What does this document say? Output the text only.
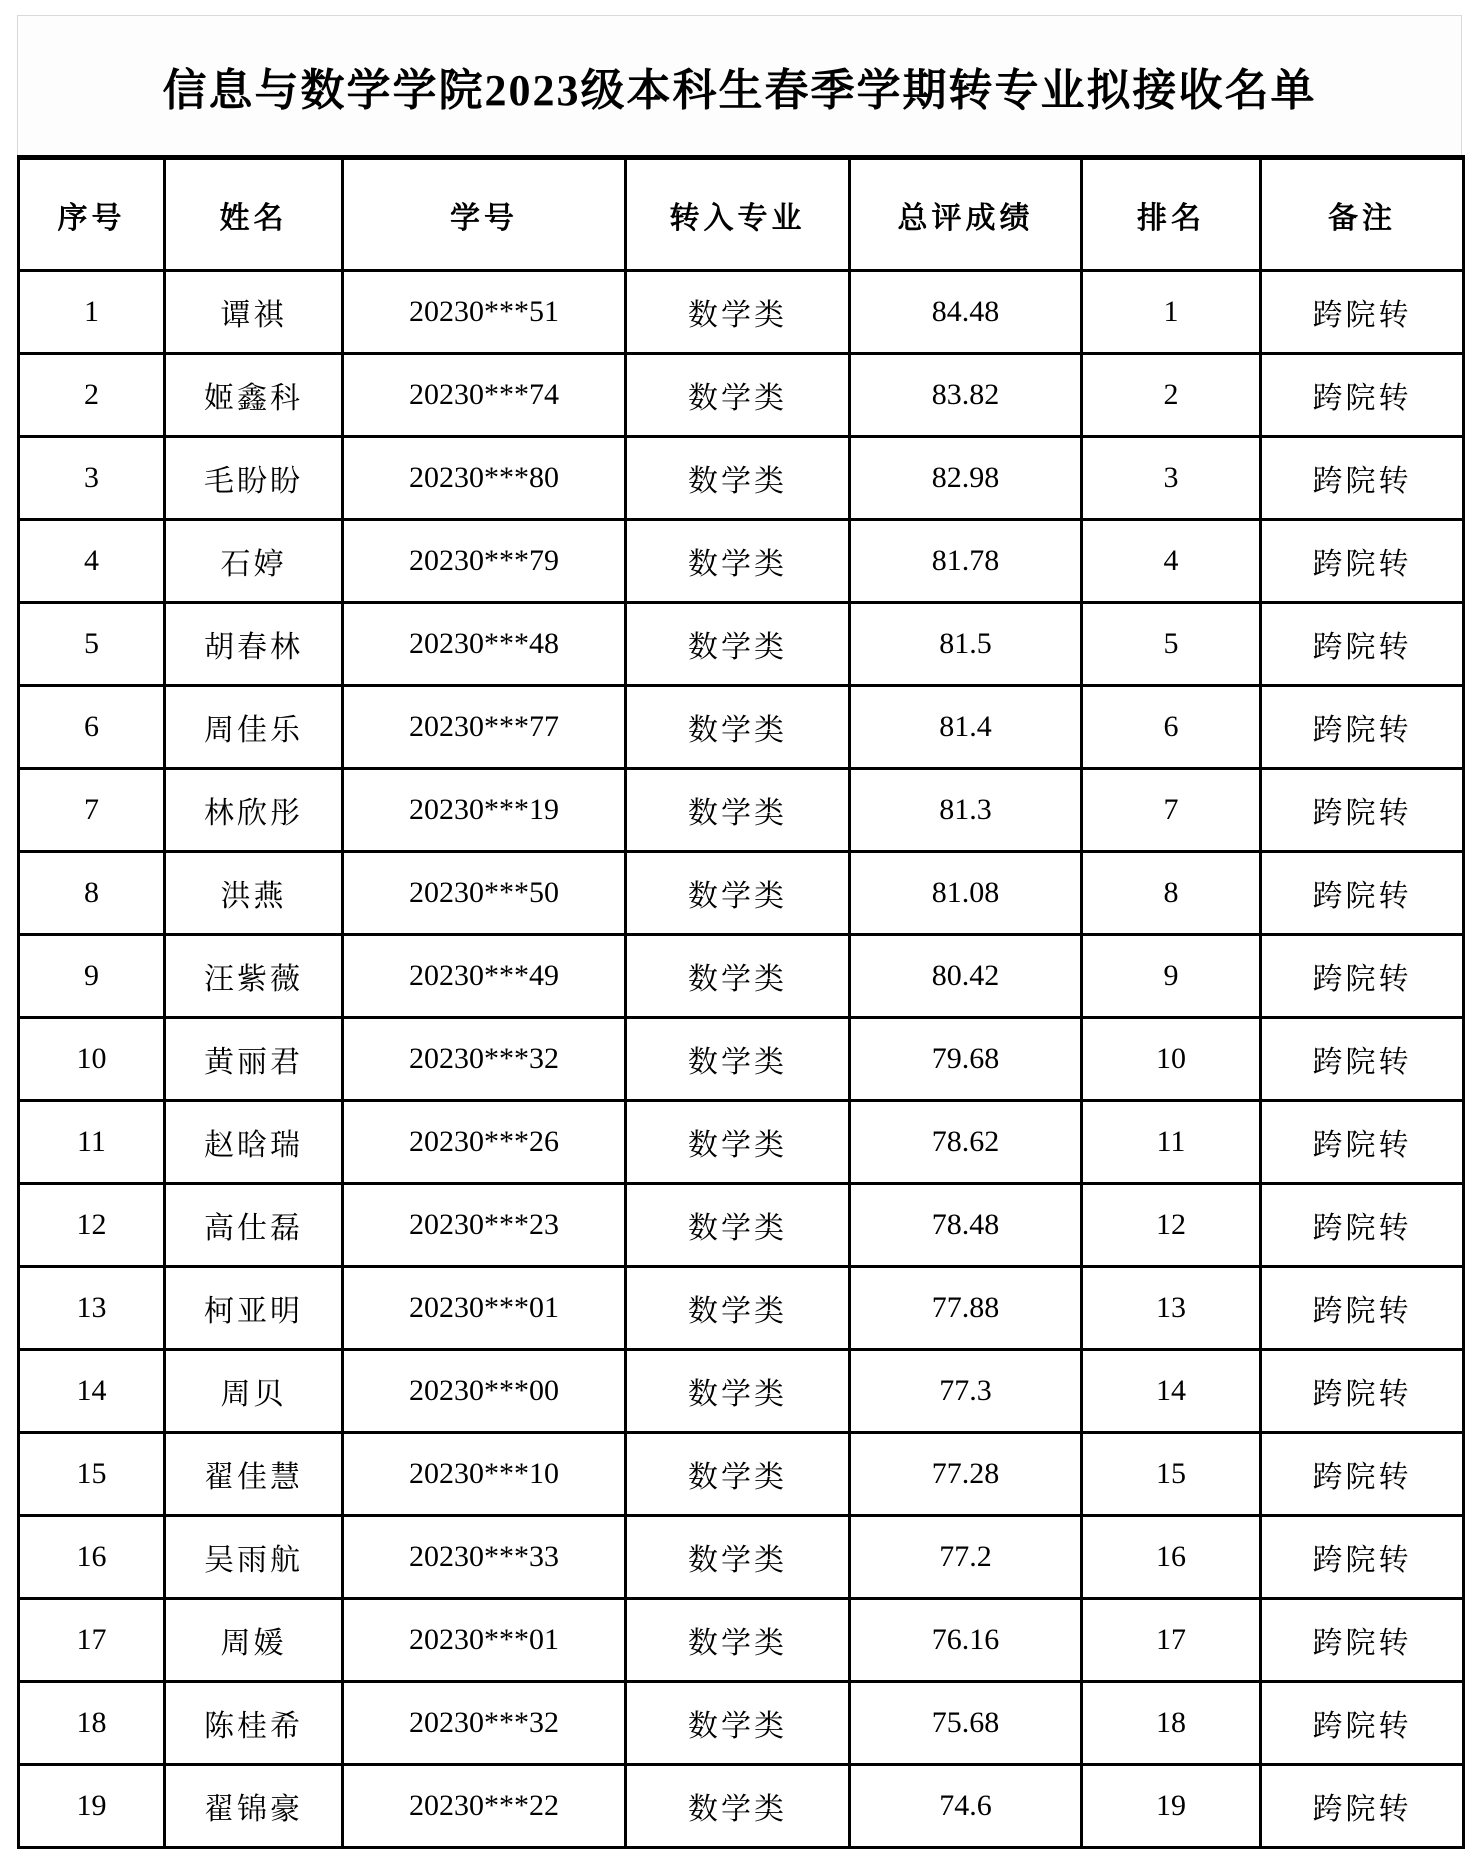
信息与数学学院2023级本科生春季学期转专业拟接收名单
序号	姓名	学号	转入专业	总评成绩	排名	备注
1	谭祺	20230***51	数学类	84.48	1	跨院转
2	姬鑫科	20230***74	数学类	83.82	2	跨院转
3	毛盼盼	20230***80	数学类	82.98	3	跨院转
4	石婷	20230***79	数学类	81.78	4	跨院转
5	胡春林	20230***48	数学类	81.5	5	跨院转
6	周佳乐	20230***77	数学类	81.4	6	跨院转
7	林欣彤	20230***19	数学类	81.3	7	跨院转
8	洪燕	20230***50	数学类	81.08	8	跨院转
9	汪紫薇	20230***49	数学类	80.42	9	跨院转
10	黄丽君	20230***32	数学类	79.68	10	跨院转
11	赵晗瑞	20230***26	数学类	78.62	11	跨院转
12	高仕磊	20230***23	数学类	78.48	12	跨院转
13	柯亚明	20230***01	数学类	77.88	13	跨院转
14	周贝	20230***00	数学类	77.3	14	跨院转
15	翟佳慧	20230***10	数学类	77.28	15	跨院转
16	吴雨航	20230***33	数学类	77.2	16	跨院转
17	周媛	20230***01	数学类	76.16	17	跨院转
18	陈桂希	20230***32	数学类	75.68	18	跨院转
19	翟锦豪	20230***22	数学类	74.6	19	跨院转
